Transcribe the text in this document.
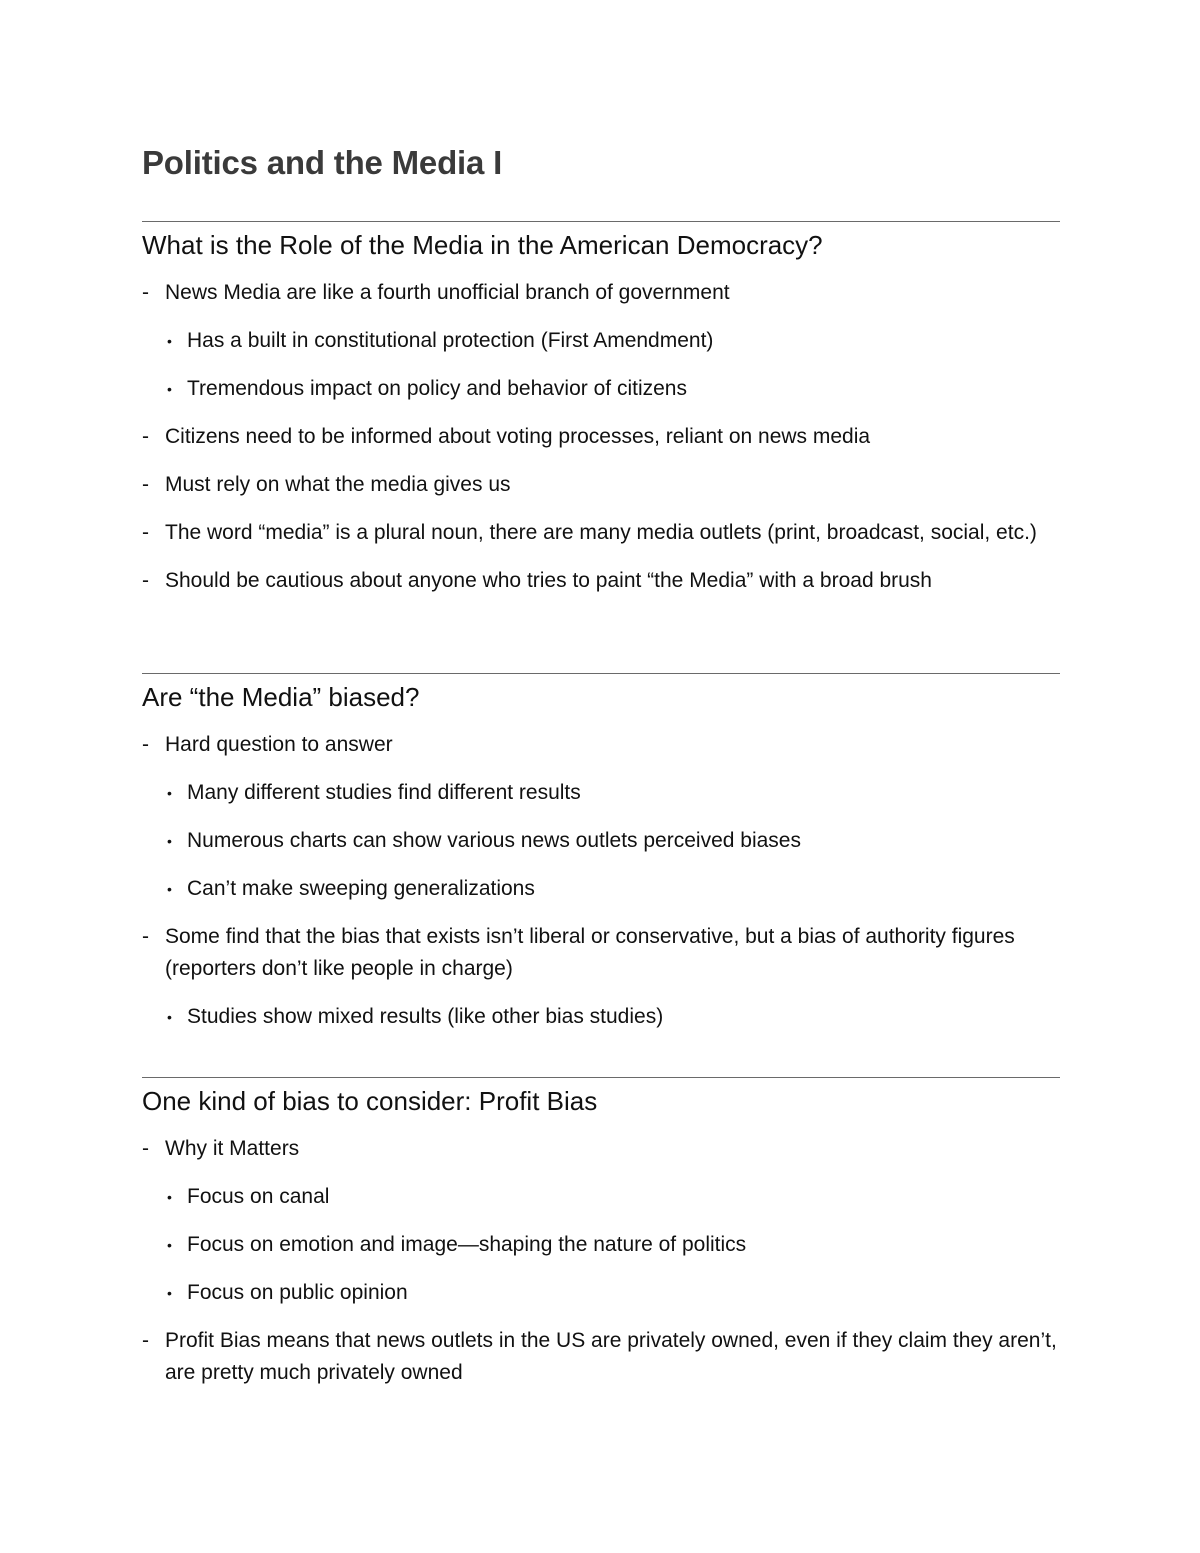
Politics and the Media I
What is the Role of the Media in the American Democracy?
- News Media are like a fourth unofficial branch of government
• Has a built in constitutional protection (First Amendment)
• Tremendous impact on policy and behavior of citizens
- Citizens need to be informed about voting processes, reliant on news media
- Must rely on what the media gives us
- The word “media” is a plural noun, there are many media outlets (print, broadcast, social, etc.)
- Should be cautious about anyone who tries to paint “the Media” with a broad brush
Are “the Media” biased?
- Hard question to answer
• Many different studies find different results
• Numerous charts can show various news outlets perceived biases
• Can’t make sweeping generalizations
- Some find that the bias that exists isn’t liberal or conservative, but a bias of authority figures (reporters don’t like people in charge)
• Studies show mixed results (like other bias studies)
One kind of bias to consider: Profit Bias
- Why it Matters
• Focus on canal
• Focus on emotion and image—shaping the nature of politics
• Focus on public opinion
- Profit Bias means that news outlets in the US are privately owned, even if they claim they aren’t, are pretty much privately owned
